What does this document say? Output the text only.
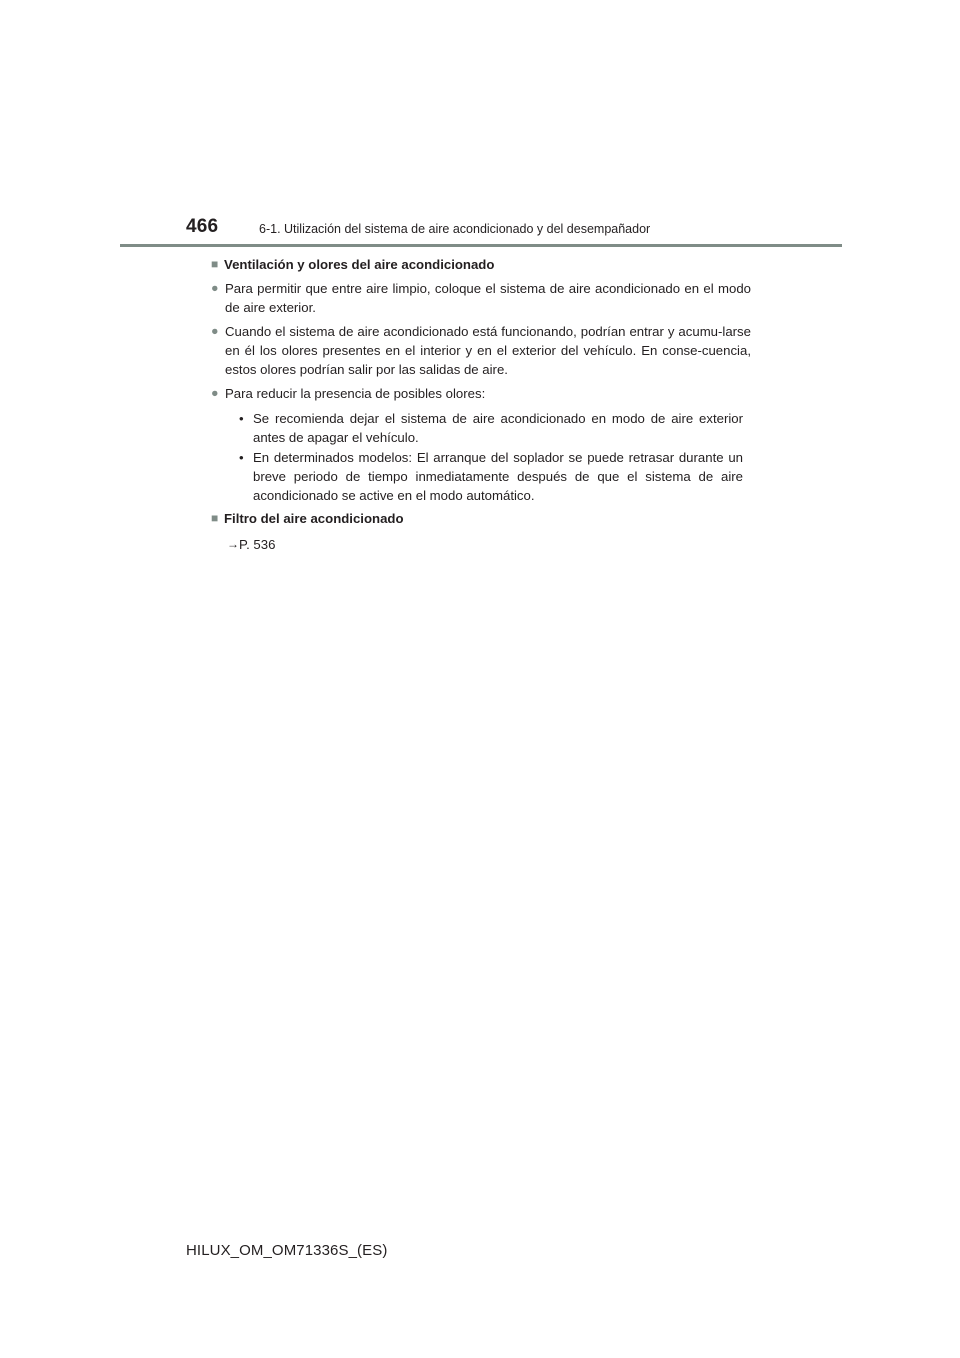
466	6-1. Utilización del sistema de aire acondicionado y del desempañador
■ Ventilación y olores del aire acondicionado
● Para permitir que entre aire limpio, coloque el sistema de aire acondicionado en el modo de aire exterior.
● Cuando el sistema de aire acondicionado está funcionando, podrían entrar y acumu-larse en él los olores presentes en el interior y en el exterior del vehículo. En conse-cuencia, estos olores podrían salir por las salidas de aire.
● Para reducir la presencia de posibles olores:
• Se recomienda dejar el sistema de aire acondicionado en modo de aire exterior antes de apagar el vehículo.
• En determinados modelos: El arranque del soplador se puede retrasar durante un breve periodo de tiempo inmediatamente después de que el sistema de aire acondicionado se active en el modo automático.
■ Filtro del aire acondicionado
→ P. 536
HILUX_OM_OM71336S_(ES)
